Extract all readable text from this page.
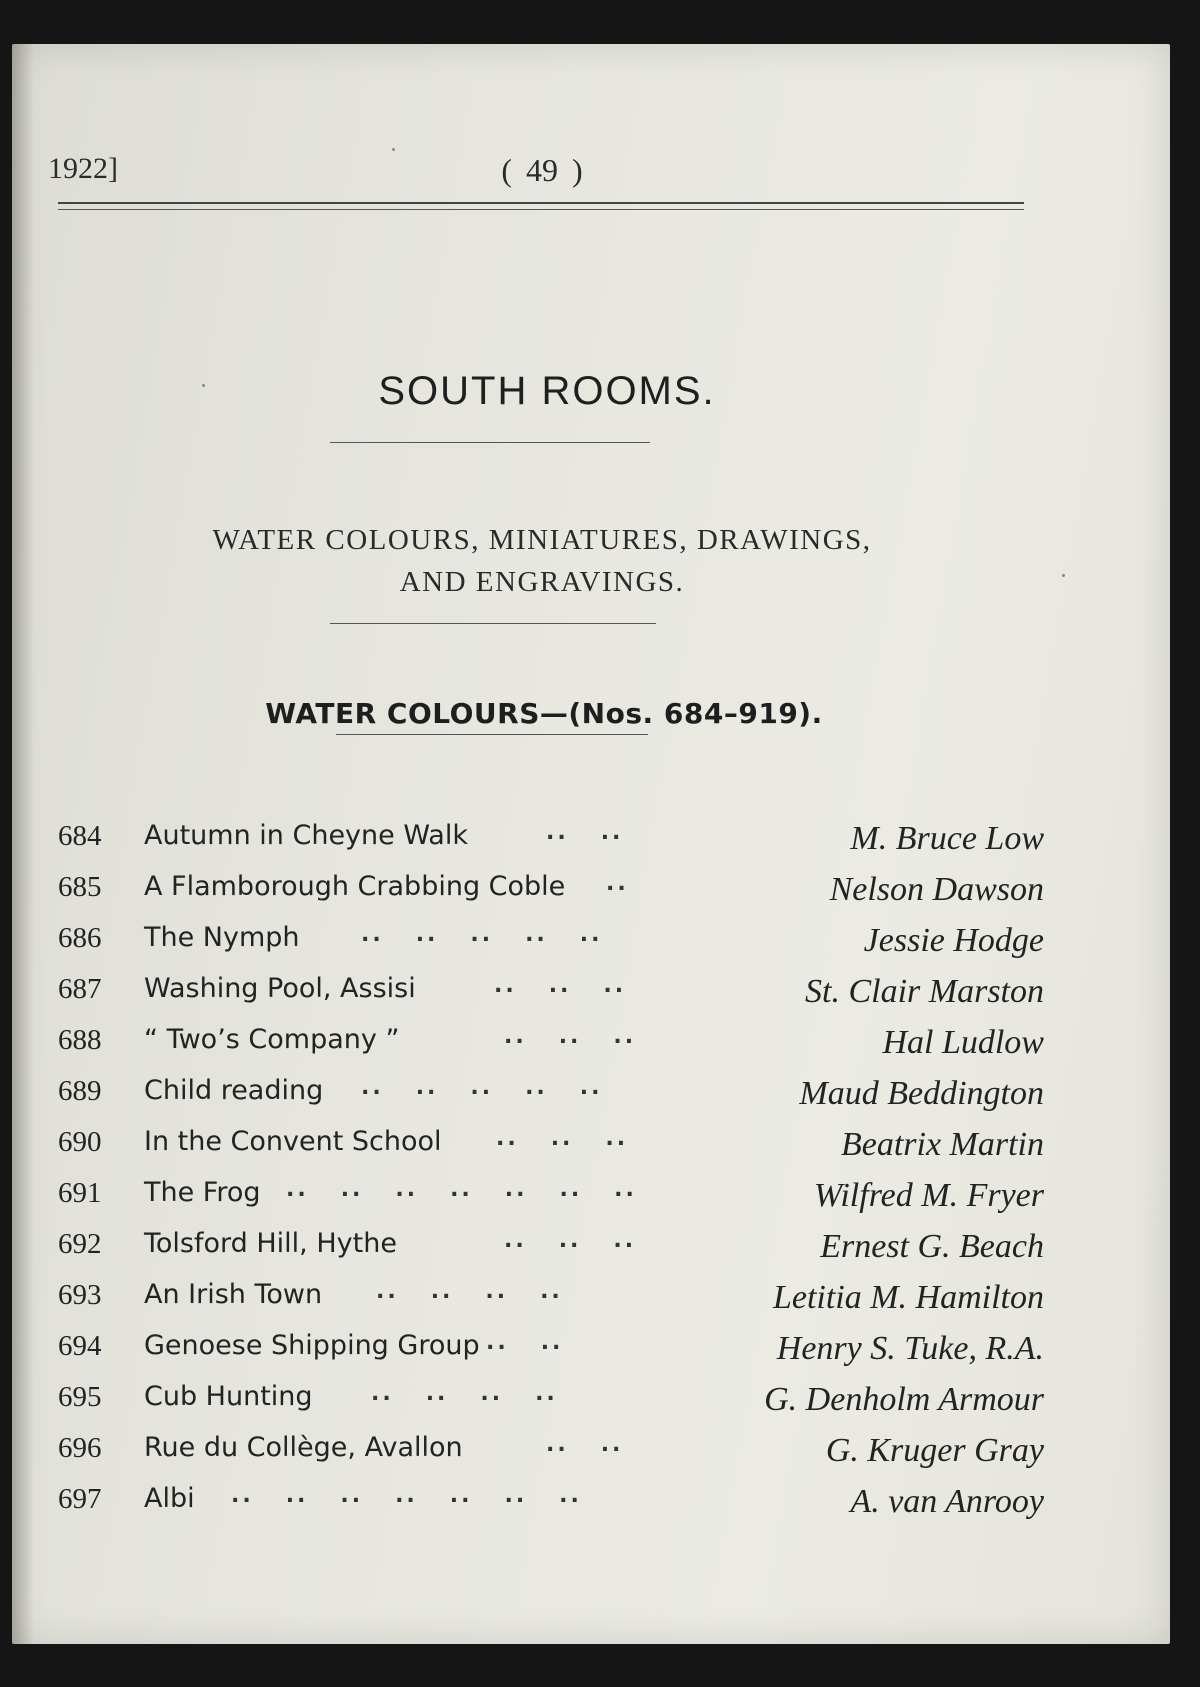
1922]	( 49 )
SOUTH ROOMS.
WATER COLOURS, MINIATURES, DRAWINGS,
AND ENGRAVINGS.
WATER COLOURS—(Nos. 684–919).
684 Autumn in Cheyne Walk	..   ..	M. Bruce Low
685 A Flamborough Crabbing Coble ..	Nelson Dawson
686 The Nymph	..   ..   ..   ..   ..	Jessie Hodge
687 Washing Pool, Assisi	..   ..   ..	St. Clair Marston
688 “ Two’s Company ”	..   ..   ..	Hal Ludlow
689 Child reading ..   ..   ..   ..   ..	Maud Beddington
690 In the Convent School ..   ..   ..	Beatrix Martin
691 The Frog ..   ..   ..   ..   ..   ..   ..	Wilfred M. Fryer
692 Tolsford Hill, Hythe	..   ..   ..	Ernest G. Beach
693 An Irish Town ..   ..   ..   ..	Letitia M. Hamilton
694 Genoese Shipping Group ..   ..	Henry S. Tuke, R.A.
695 Cub Hunting	..   ..   ..   ..	G. Denholm Armour
696 Rue du Collège, Avallon	..   ..	G. Kruger Gray
697 Albi ..   ..   ..   ..   ..   ..   ..	A. van Anrooy
